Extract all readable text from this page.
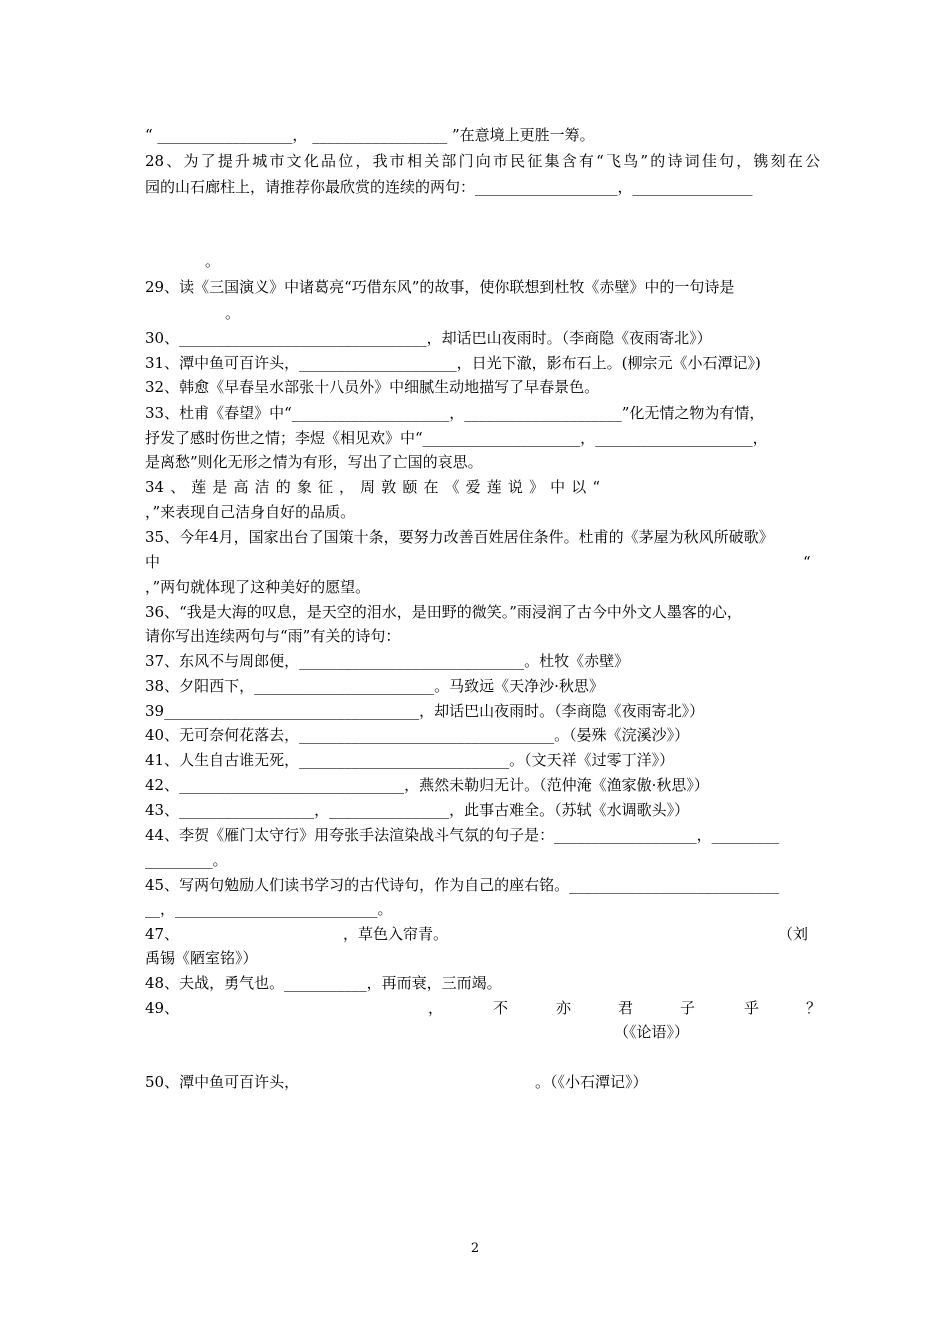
“ __________________， __________________ ”在意境上更胜一筹。

28、为了提升城市文化品位，我市相关部门向市民征集含有“飞鸟”的诗词佳句，镌刻在公

园的山石廊柱上，请推荐你最欣赏的连续的两句：___________________，________________

。

29、读《三国演义》中诸葛亮“巧借东风”的故事，使你联想到杜牧《赤壁》中的一句诗是

。

30、_________________________________，却话巴山夜雨时。（李商隐《夜雨寄北》）

31、潭中鱼可百许头，_____________________，日光下澈，影布石上。(柳宗元《小石潭记》)

32、韩愈《早春呈水部张十八员外》中细腻生动地描写了早春景色。

33、杜甫《春望》中“_____________________，_____________________”化无情之物为有情，

抒发了感时伤世之情；李煜《相见欢》中“_____________________，_____________________，

是离愁”则化无形之情为有形，写出了亡国的哀思。

34、莲是高洁的象征，周敦颐在《爱莲说》中以“

，”来表现自己洁身自好的品质。

35、今年4月，国家出台了国策十条，要努力改善百姓居住条件。杜甫的《茅屋为秋风所破歌》

中	“

，”两句就体现了这种美好的愿望。

36、“我是大海的叹息，是天空的泪水，是田野的微笑。”雨浸润了古今中外文人墨客的心，

请你写出连续两句与“雨”有关的诗句：

37、东风不与周郎便，______________________________。杜牧《赤壁》

38、夕阳西下，________________________。马致远《天净沙·秋思》

39__________________________________，却话巴山夜雨时。（李商隐《夜雨寄北》）

40、无可奈何花落去，__________________________________。（晏殊《浣溪沙》）

41、人生自古谁无死，____________________________。（文天祥《过零丁洋》）

42、______________________________，燕然未勒归无计。（范仲淹《渔家傲·秋思》）

43、__________________，________________，此事古难全。（苏轼《水调歌头》）

44、李贺《雁门太守行》用夸张手法渲染战斗气氛的句子是：___________________，_________

_________。

45、写两句勉励人们读书学习的古代诗句，作为自己的座右铭。____________________________

__，___________________________。

47、	，草色入帘青。	（刘

禹锡《陋室铭》）

48、夫战，勇气也。___________，再而衰，三而竭。

49、	，	不	亦	君	子	乎	？
（《论语》）
50、潭中鱼可百许头，	。（《小石潭记》）
2
